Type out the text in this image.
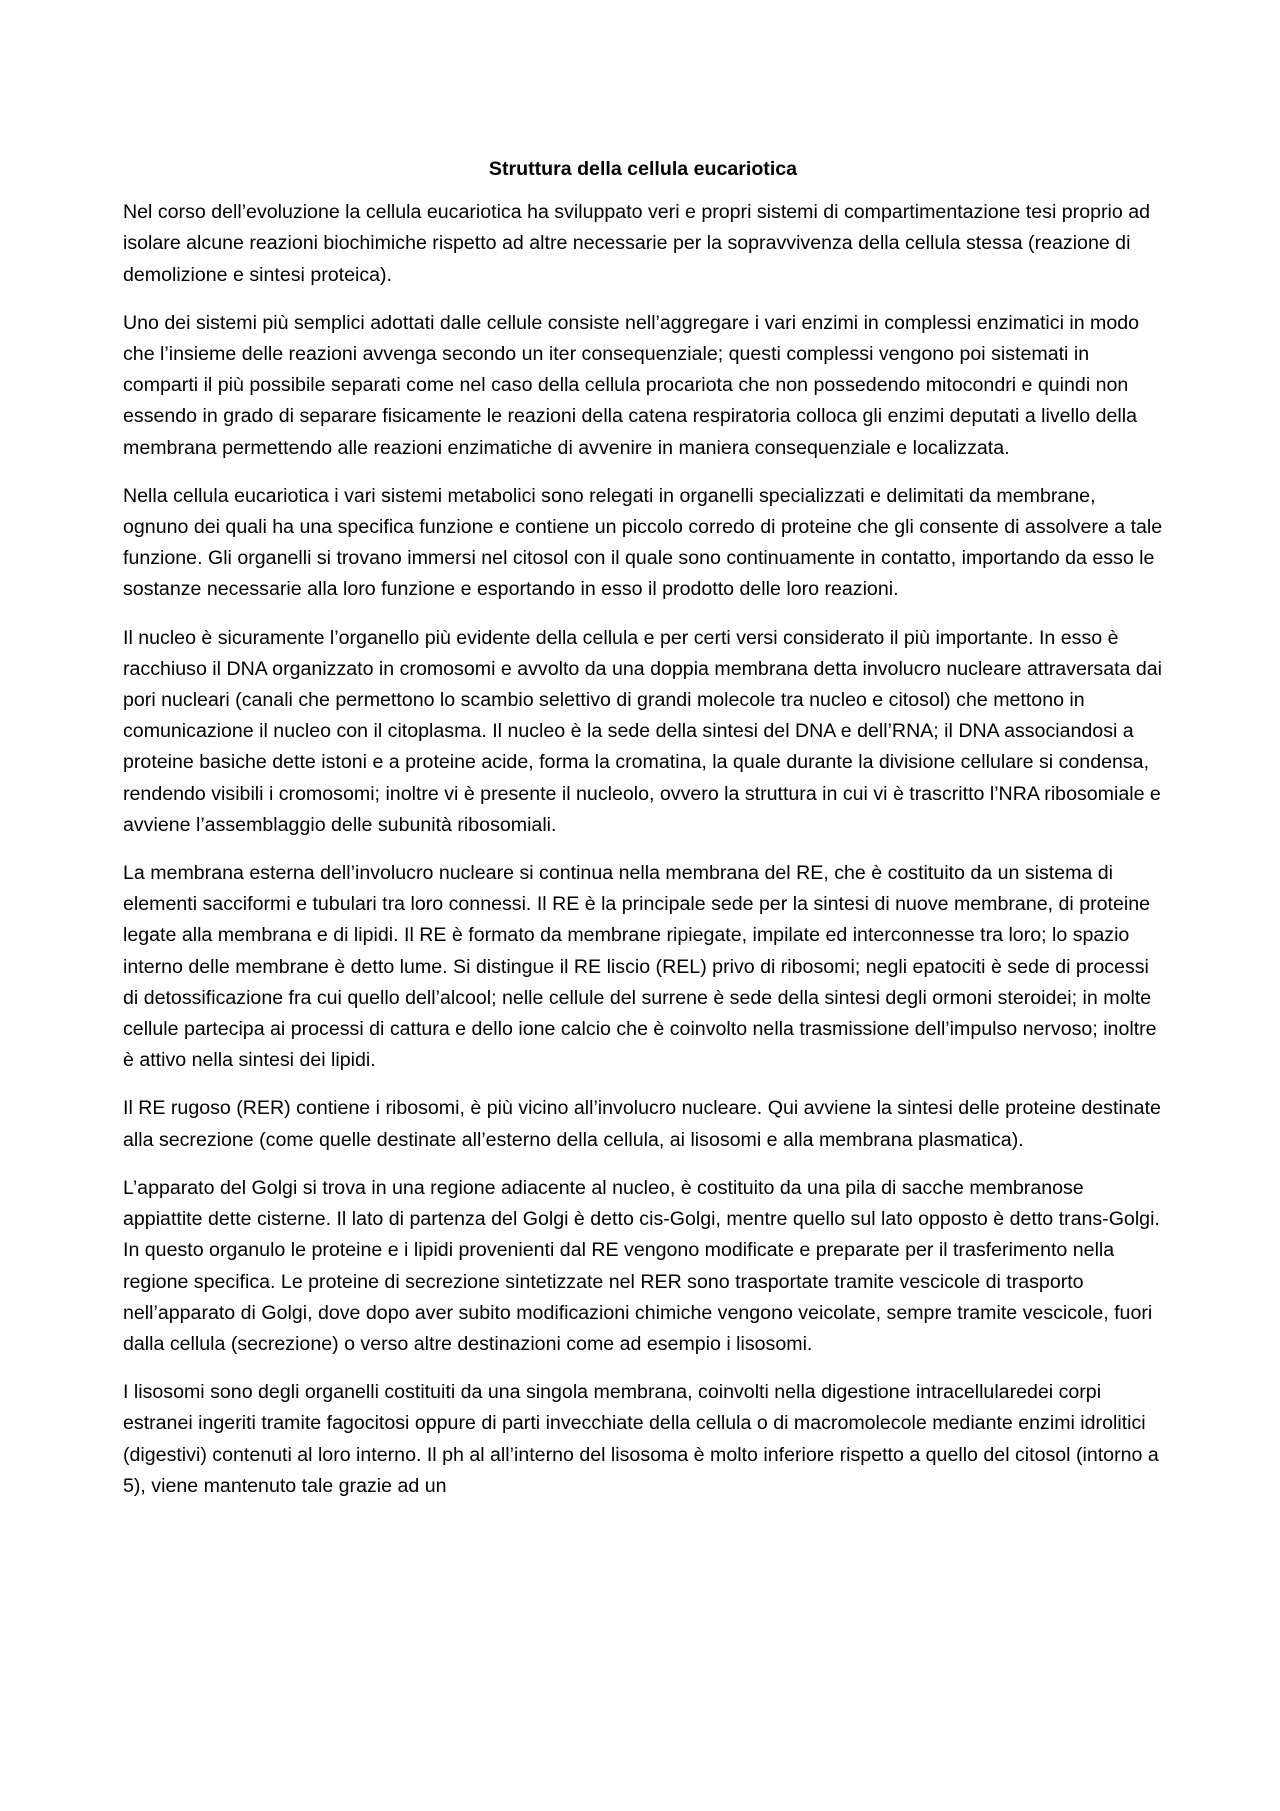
Struttura della cellula eucariotica

Nel corso dell’evoluzione la cellula eucariotica ha sviluppato veri e propri sistemi di compartimentazione tesi proprio ad isolare alcune reazioni biochimiche rispetto ad altre necessarie per la sopravvivenza della cellula stessa (reazione di demolizione e sintesi proteica).

Uno dei sistemi più semplici adottati dalle cellule consiste nell’aggregare i vari enzimi in complessi enzimatici in modo che l’insieme delle reazioni avvenga secondo un iter consequenziale; questi complessi vengono poi sistemati in comparti il più possibile separati come nel caso della cellula procariota che non possedendo mitocondri e quindi non essendo in grado di separare fisicamente le reazioni della catena respiratoria colloca gli enzimi deputati a livello della membrana permettendo alle reazioni enzimatiche di avvenire in maniera consequenziale e localizzata.

Nella cellula eucariotica i vari sistemi metabolici sono relegati in organelli specializzati e delimitati da membrane, ognuno dei quali ha una specifica funzione e contiene un piccolo corredo di proteine che gli consente di assolvere a tale funzione. Gli organelli si trovano immersi nel citosol con il quale sono continuamente in contatto, importando da esso le sostanze necessarie alla loro funzione e esportando in esso il prodotto delle loro reazioni.

Il nucleo è sicuramente l’organello più evidente della cellula e per certi versi considerato il più importante. In esso è racchiuso il DNA organizzato in cromosomi e avvolto da una doppia membrana detta involucro nucleare attraversata dai pori nucleari (canali che permettono lo scambio selettivo di grandi molecole tra nucleo e citosol) che mettono in comunicazione il nucleo con il citoplasma. Il nucleo è la sede della sintesi del DNA e dell’RNA; il DNA associandosi a proteine basiche dette istoni e a proteine acide, forma la cromatina, la quale durante la divisione cellulare si condensa, rendendo visibili i cromosomi; inoltre vi è presente il nucleolo, ovvero la struttura in cui vi è trascritto l’NRA ribosomiale e avviene l’assemblaggio delle subunità ribosomiali.

La membrana esterna dell’involucro nucleare si continua nella membrana del RE, che è costituito da un sistema di elementi sacciformi e tubulari tra loro connessi. Il RE è la principale sede per la sintesi di nuove membrane, di proteine legate alla membrana e di lipidi. Il RE è formato da membrane ripiegate, impilate ed interconnesse tra loro; lo spazio interno delle membrane è detto lume. Si distingue il RE liscio (REL) privo di ribosomi; negli epatociti è sede di processi di detossificazione fra cui quello dell’alcool; nelle cellule del surrene è sede della sintesi degli ormoni steroidei; in molte cellule partecipa ai processi di cattura e dello ione calcio che è coinvolto nella trasmissione dell’impulso nervoso; inoltre è attivo nella sintesi dei lipidi.

Il RE rugoso (RER) contiene i ribosomi, è più vicino all’involucro nucleare. Qui avviene la sintesi delle proteine destinate alla secrezione (come quelle destinate all’esterno della cellula, ai lisosomi e alla membrana plasmatica).

L’apparato del Golgi si trova in una regione adiacente al nucleo, è costituito da una pila di sacche membranose appiattite dette cisterne. Il lato di partenza del Golgi è detto cis-Golgi, mentre quello sul lato opposto è detto trans-Golgi. In questo organulo le proteine e i lipidi provenienti dal RE vengono modificate e preparate per il trasferimento nella regione specifica. Le proteine di secrezione sintetizzate nel RER sono trasportate tramite vescicole di trasporto nell’apparato di Golgi, dove dopo aver subito modificazioni chimiche vengono veicolate, sempre tramite vescicole, fuori dalla cellula (secrezione) o verso altre destinazioni come ad esempio i lisosomi.

I lisosomi sono degli organelli costituiti da una singola membrana, coinvolti nella digestione intracellularedei corpi estranei ingeriti tramite fagocitosi oppure di parti invecchiate della cellula o di macromolecole mediante enzimi idrolitici (digestivi) contenuti al loro interno. Il ph al all’interno del lisosoma è molto inferiore rispetto a quello del citosol (intorno a 5), viene mantenuto tale grazie ad un
